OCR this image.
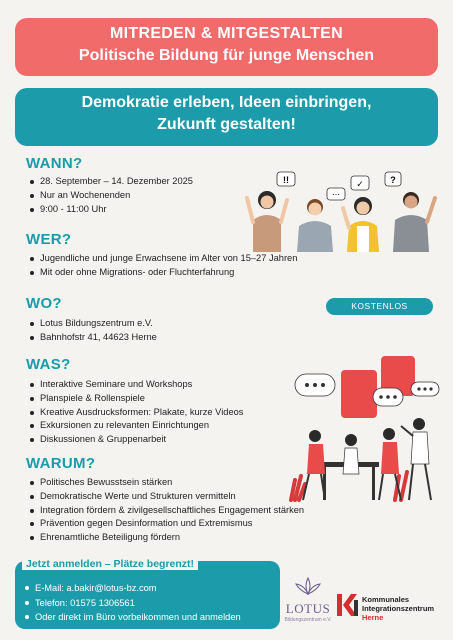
MITREDEN & MITGESTALTEN
Politische Bildung für junge Menschen
Demokratie erleben, Ideen einbringen,
Zukunft gestalten!
WANN?
28. September – 14. Dezember 2025
Nur an Wochenenden
9:00 - 11:00 Uhr
WER?
Jugendliche und junge Erwachsene im Alter von 15–27 Jahren
Mit oder ohne Migrations- oder Fluchterfahrung
WO?	KOSTENLOS
Lotus Bildungszentrum e.V.
Bahnhofstr 41, 44623 Herne
WAS?
Interaktive Seminare und Workshops
Planspiele & Rollenspiele
Kreative Ausdrucksformen: Plakate, kurze Videos
Exkursionen zu relevanten Einrichtungen
Diskussionen & Gruppenarbeit
WARUM?
Politisches Bewusstsein stärken
Demokratische Werte und Strukturen vermitteln
Integration fördern & zivilgesellschaftliches Engagement stärken
Prävention gegen Desinformation und Extremismus
Ehrenamtliche Beteiligung fördern
!!
...
✓	?
Jetzt anmelden – Plätze begrenzt!
E-Mail: a.bakir@lotus-bz.com
Telefon: 01575 1306561
Oder direkt im Büro vorbeikommen und anmelden
LOTUS
Bildungszentrum e.V.
Kommunales
Integrationszentrum
Herne
